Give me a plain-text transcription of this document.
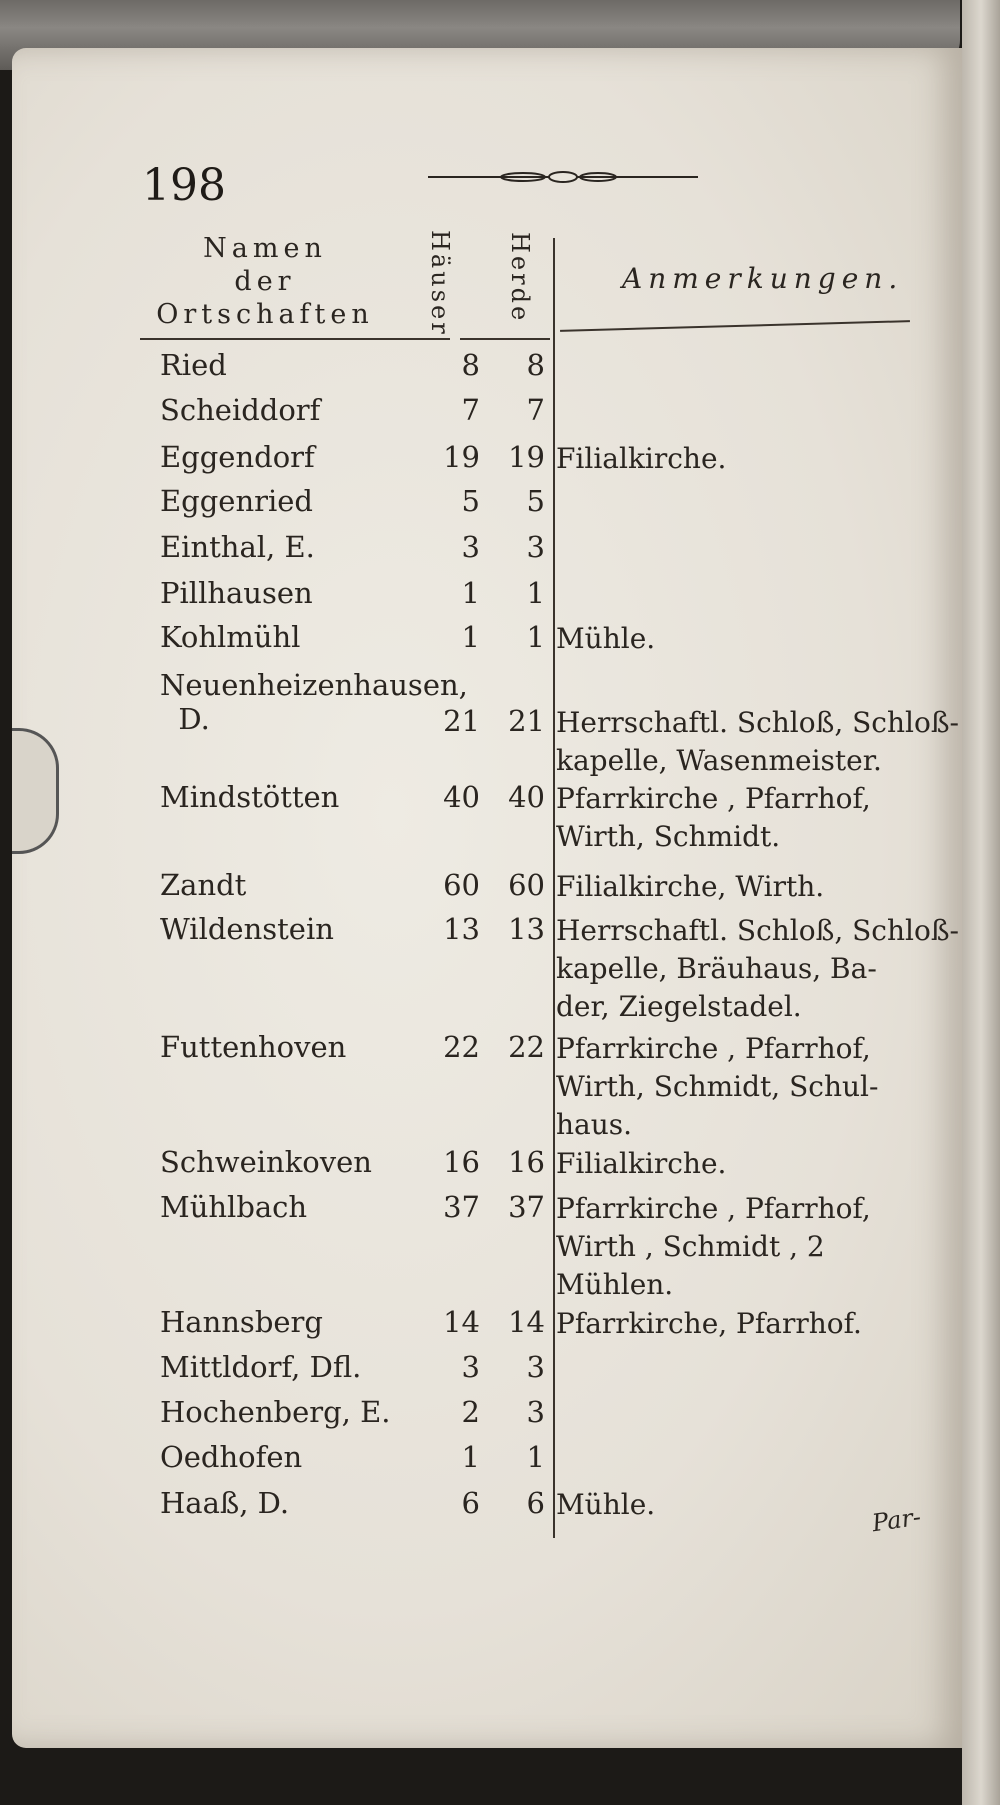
198
Namen
der
Ortschaften Häuser Herde	Anmerkungen.
Ried	8	8
Scheiddorf	7	7
Eggendorf	19 19 Filialkirche.
Eggenried	5	5
Einthal, E.	3	3
Pillhausen	1	1
Kohlmühl	1	1 Mühle.
Neuenheizenhausen,
D.	21 21 Herrschaftl. Schloß, Schloß-
kapelle, Wasenmeister.
Mindstötten	40 40 Pfarrkirche , Pfarrhof,
Wirth, Schmidt.
Zandt	60 60 Filialkirche, Wirth.
Wildenstein	13 13 Herrschaftl. Schloß, Schloß-
kapelle, Bräuhaus, Ba-
der, Ziegelstadel.
Futtenhoven	22 22 Pfarrkirche , Pfarrhof,
Wirth, Schmidt, Schul-
haus.
Schweinkoven	16 16 Filialkirche.
Mühlbach	37 37 Pfarrkirche , Pfarrhof,
Wirth , Schmidt , 2
Mühlen.
Hannsberg	14 14 Pfarrkirche, Pfarrhof.
Mittldorf, Dfl.	3	3
Hochenberg, E.	2	3
Oedhofen	1	1
Haaß, D.	6	6 Mühle.	Par-
